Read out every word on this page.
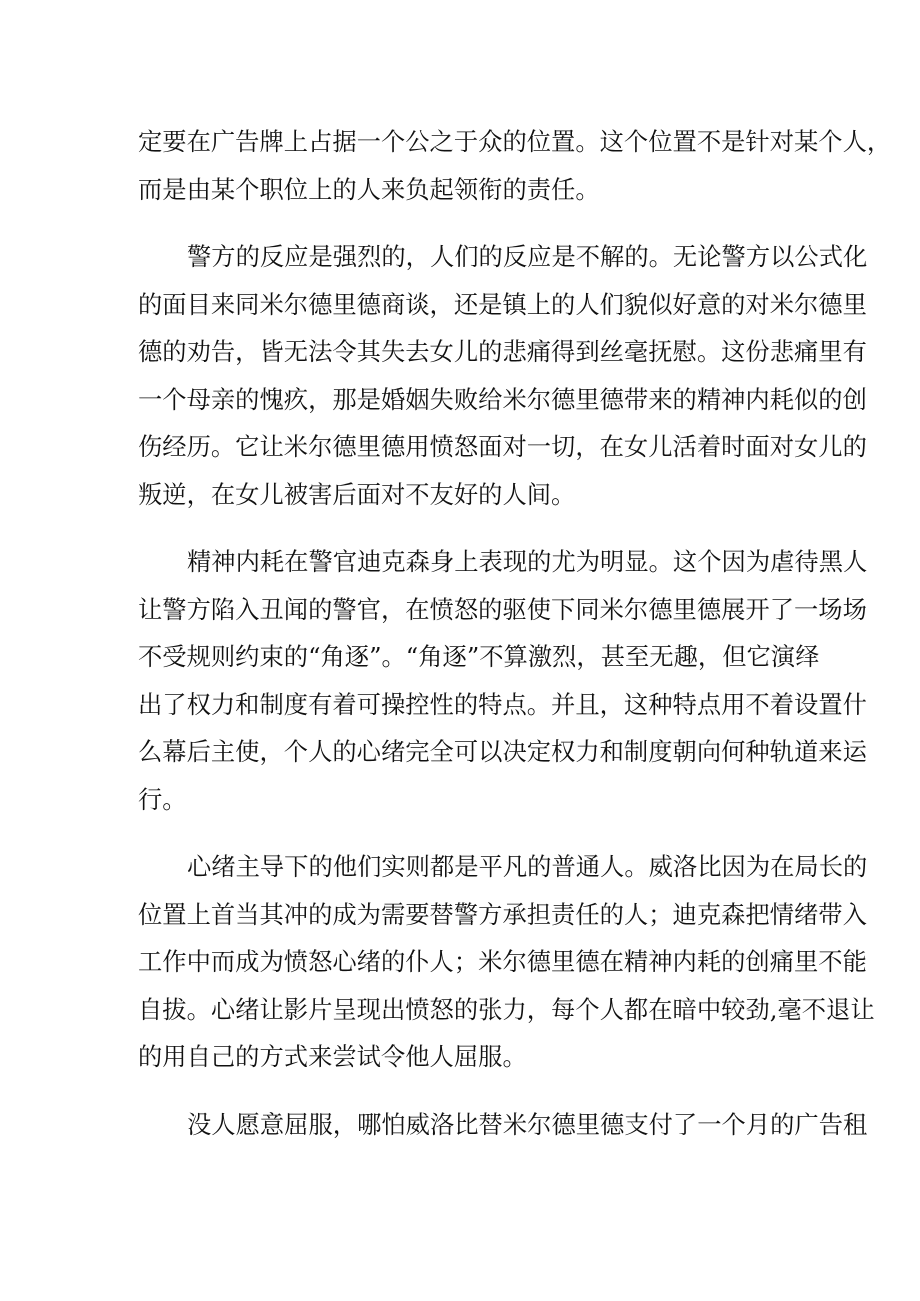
定要在广告牌上占据一个公之于众的位置。这个位置不是针对某个人，
而是由某个职位上的人来负起领衔的责任。
警方的反应是强烈的，人们的反应是不解的。无论警方以公式化
的面目来同米尔德里德商谈，还是镇上的人们貌似好意的对米尔德里
德的劝告，皆无法令其失去女儿的悲痛得到丝毫抚慰。这份悲痛里有
一个母亲的愧疚，那是婚姻失败给米尔德里德带来的精神内耗似的创
伤经历。它让米尔德里德用愤怒面对一切，在女儿活着时面对女儿的
叛逆，在女儿被害后面对不友好的人间。
精神内耗在警官迪克森身上表现的尤为明显。这个因为虐待黑人
让警方陷入丑闻的警官，在愤怒的驱使下同米尔德里德展开了一场场
不受规则约束的“角逐”。“角逐”不算激烈，甚至无趣，但它演绎
出了权力和制度有着可操控性的特点。并且，这种特点用不着设置什
么幕后主使，个人的心绪完全可以决定权力和制度朝向何种轨道来运
行。
心绪主导下的他们实则都是平凡的普通人。威洛比因为在局长的
位置上首当其冲的成为需要替警方承担责任的人；迪克森把情绪带入
工作中而成为愤怒心绪的仆人；米尔德里德在精神内耗的创痛里不能
自拔。心绪让影片呈现出愤怒的张力，每个人都在暗中较劲,毫不退让
的用自己的方式来尝试令他人屈服。
没人愿意屈服，哪怕威洛比替米尔德里德支付了一个月的广告租
